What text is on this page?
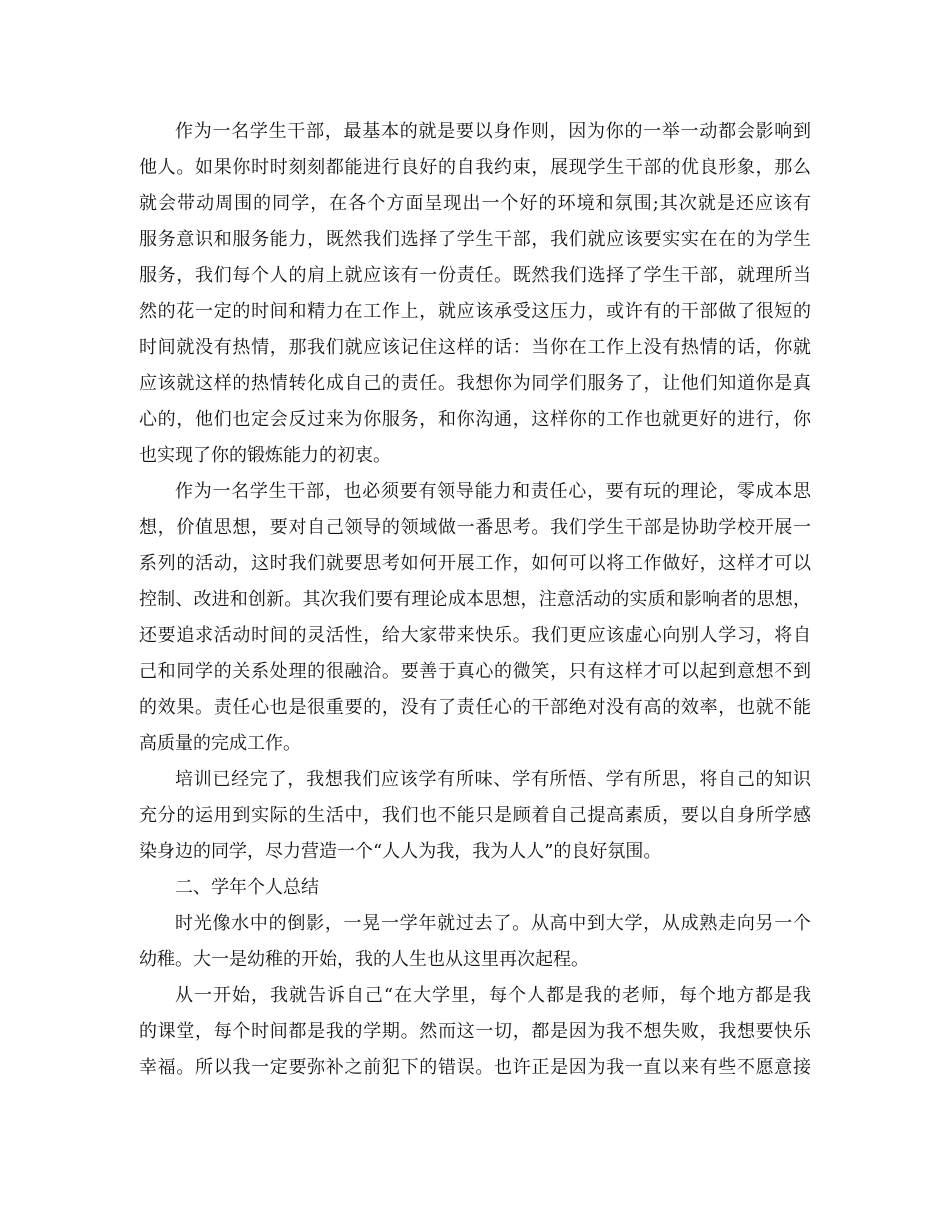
作为一名学生干部，最基本的就是要以身作则，因为你的一举一动都会影响到
他人。如果你时时刻刻都能进行良好的自我约束，展现学生干部的优良形象，那么
就会带动周围的同学，在各个方面呈现出一个好的环境和氛围;其次就是还应该有
服务意识和服务能力，既然我们选择了学生干部，我们就应该要实实在在的为学生
服务，我们每个人的肩上就应该有一份责任。既然我们选择了学生干部，就理所当
然的花一定的时间和精力在工作上，就应该承受这压力，或许有的干部做了很短的
时间就没有热情，那我们就应该记住这样的话：当你在工作上没有热情的话，你就
应该就这样的热情转化成自己的责任。我想你为同学们服务了，让他们知道你是真
心的，他们也定会反过来为你服务，和你沟通，这样你的工作也就更好的进行，你
也实现了你的锻炼能力的初衷。
作为一名学生干部，也必须要有领导能力和责任心，要有玩的理论，零成本思
想，价值思想，要对自己领导的领域做一番思考。我们学生干部是协助学校开展一
系列的活动，这时我们就要思考如何开展工作，如何可以将工作做好，这样才可以
控制、改进和创新。其次我们要有理论成本思想，注意活动的实质和影响者的思想，
还要追求活动时间的灵活性，给大家带来快乐。我们更应该虚心向别人学习，将自
己和同学的关系处理的很融洽。要善于真心的微笑，只有这样才可以起到意想不到
的效果。责任心也是很重要的，没有了责任心的干部绝对没有高的效率，也就不能
高质量的完成工作。
培训已经完了，我想我们应该学有所味、学有所悟、学有所思，将自己的知识
充分的运用到实际的生活中，我们也不能只是顾着自己提高素质，要以自身所学感
染身边的同学，尽力营造一个“人人为我，我为人人”的良好氛围。
二、学年个人总结
时光像水中的倒影，一晃一学年就过去了。从高中到大学，从成熟走向另一个
幼稚。大一是幼稚的开始，我的人生也从这里再次起程。
从一开始，我就告诉自己“在大学里，每个人都是我的老师，每个地方都是我
的课堂，每个时间都是我的学期。然而这一切，都是因为我不想失败，我想要快乐
幸福。所以我一定要弥补之前犯下的错误。也许正是因为我一直以来有些不愿意接
